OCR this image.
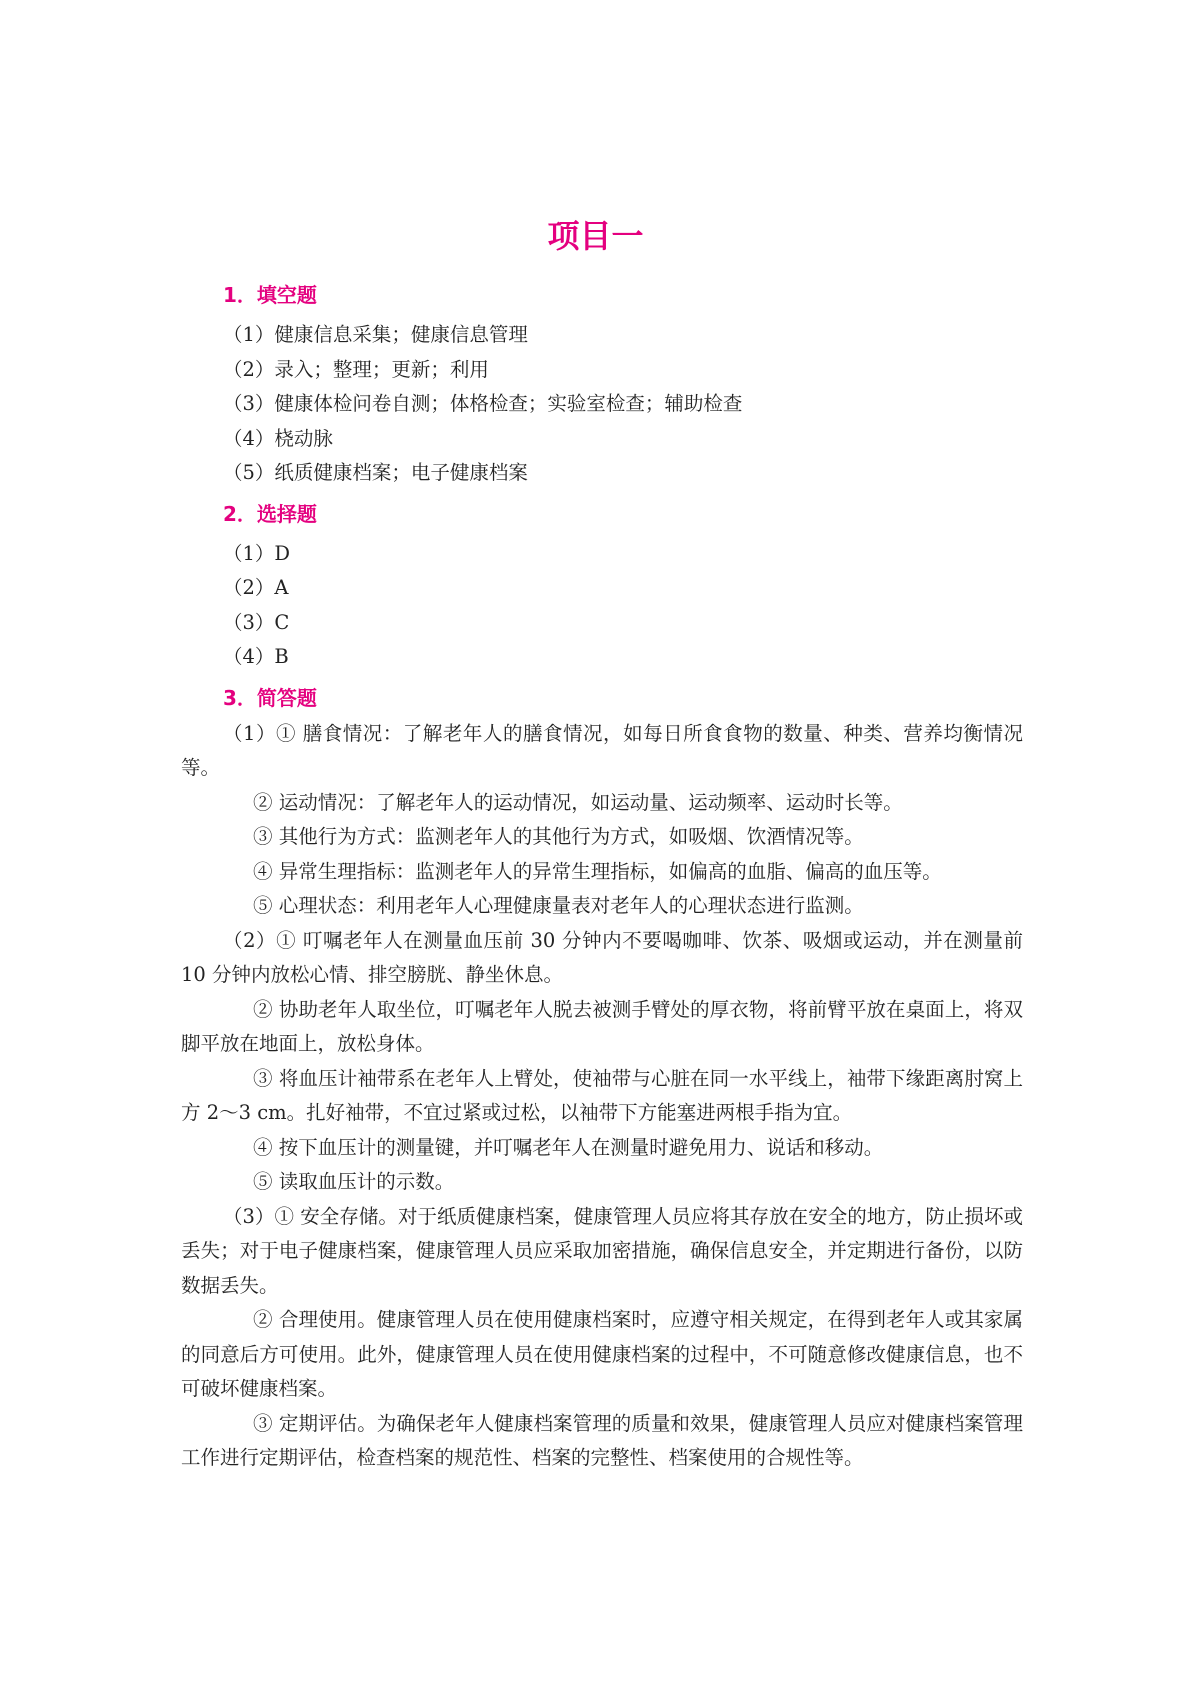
项目一
1．填空题
（1）健康信息采集；健康信息管理
（2）录入；整理；更新；利用
（3）健康体检问卷自测；体格检查；实验室检查；辅助检查
（4）桡动脉
（5）纸质健康档案；电子健康档案
2．选择题
（1）D
（2）A
（3）C
（4）B
3．简答题

（1）① 膳食情况：了解老年人的膳食情况，如每日所食食物的数量、种类、营养均衡情况等。

② 运动情况：了解老年人的运动情况，如运动量、运动频率、运动时长等。

③ 其他行为方式：监测老年人的其他行为方式，如吸烟、饮酒情况等。

④ 异常生理指标：监测老年人的异常生理指标，如偏高的血脂、偏高的血压等。

⑤ 心理状态：利用老年人心理健康量表对老年人的心理状态进行监测。

（2）① 叮嘱老年人在测量血压前 30 分钟内不要喝咖啡、饮茶、吸烟或运动，并在测量前 10 分钟内放松心情、排空膀胱、静坐休息。

② 协助老年人取坐位，叮嘱老年人脱去被测手臂处的厚衣物，将前臂平放在桌面上，将双脚平放在地面上，放松身体。

③ 将血压计袖带系在老年人上臂处，使袖带与心脏在同一水平线上，袖带下缘距离肘窝上方 2～3 cm。扎好袖带，不宜过紧或过松，以袖带下方能塞进两根手指为宜。

④ 按下血压计的测量键，并叮嘱老年人在测量时避免用力、说话和移动。

⑤ 读取血压计的示数。

（3）① 安全存储。对于纸质健康档案，健康管理人员应将其存放在安全的地方，防止损坏或丢失；对于电子健康档案，健康管理人员应采取加密措施，确保信息安全，并定期进行备份，以防数据丢失。

② 合理使用。健康管理人员在使用健康档案时，应遵守相关规定，在得到老年人或其家属的同意后方可使用。此外，健康管理人员在使用健康档案的过程中，不可随意修改健康信息，也不可破坏健康档案。

③ 定期评估。为确保老年人健康档案管理的质量和效果，健康管理人员应对健康档案管理工作进行定期评估，检查档案的规范性、档案的完整性、档案使用的合规性等。
